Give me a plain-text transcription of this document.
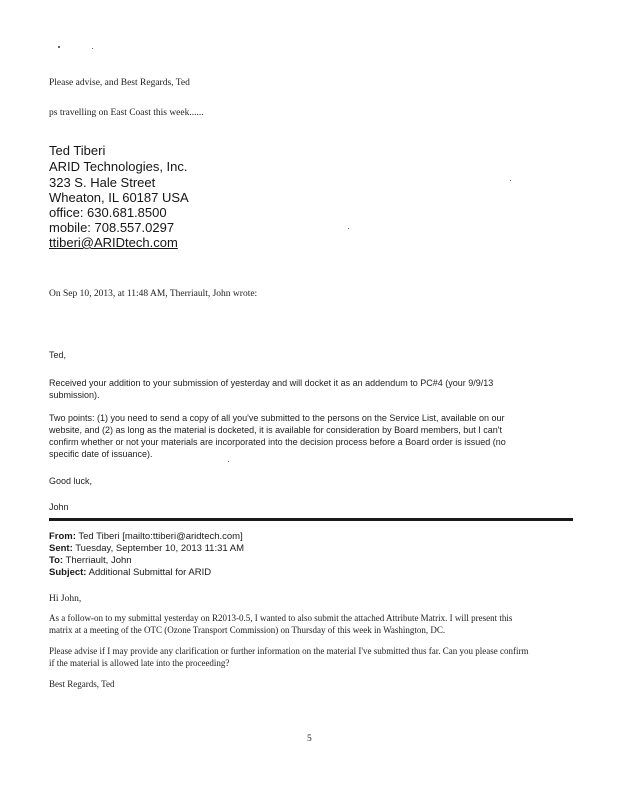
Please advise, and Best Regards, Ted
ps travelling on East Coast this week......
Ted Tiberi
ARID Technologies, Inc.
323 S. Hale Street
Wheaton, IL 60187 USA
office: 630.681.8500
mobile: 708.557.0297
ttiberi@ARIDtech.com
On Sep 10, 2013, at 11:48 AM, Therriault, John wrote:
Ted,
Received your addition to your submission of yesterday and will docket it as an addendum to PC#4 (your 9/9/13
submission).
Two points: (1) you need to send a copy of all you've submitted to the persons on the Service List, available on our
website, and (2) as long as the material is docketed, it is available for consideration by Board members, but I can't
confirm whether or not your materials are incorporated into the decision process before a Board order is issued (no
specific date of issuance).
Good luck,
John
From: Ted Tiberi [mailto:ttiberi@aridtech.com]
Sent: Tuesday, September 10, 2013 11:31 AM
To: Therriault, John
Subject: Additional Submittal for ARID
Hi John,
As a follow-on to my submittal yesterday on R2013-0.5, I wanted to also submit the attached Attribute Matrix. I will present this
matrix at a meeting of the OTC (Ozone Transport Commission) on Thursday of this week in Washington, DC.
Please advise if I may provide any clarification or further information on the material I've submitted thus far. Can you please confirm
if the material is allowed late into the proceeding?
Best Regards, Ted
5
